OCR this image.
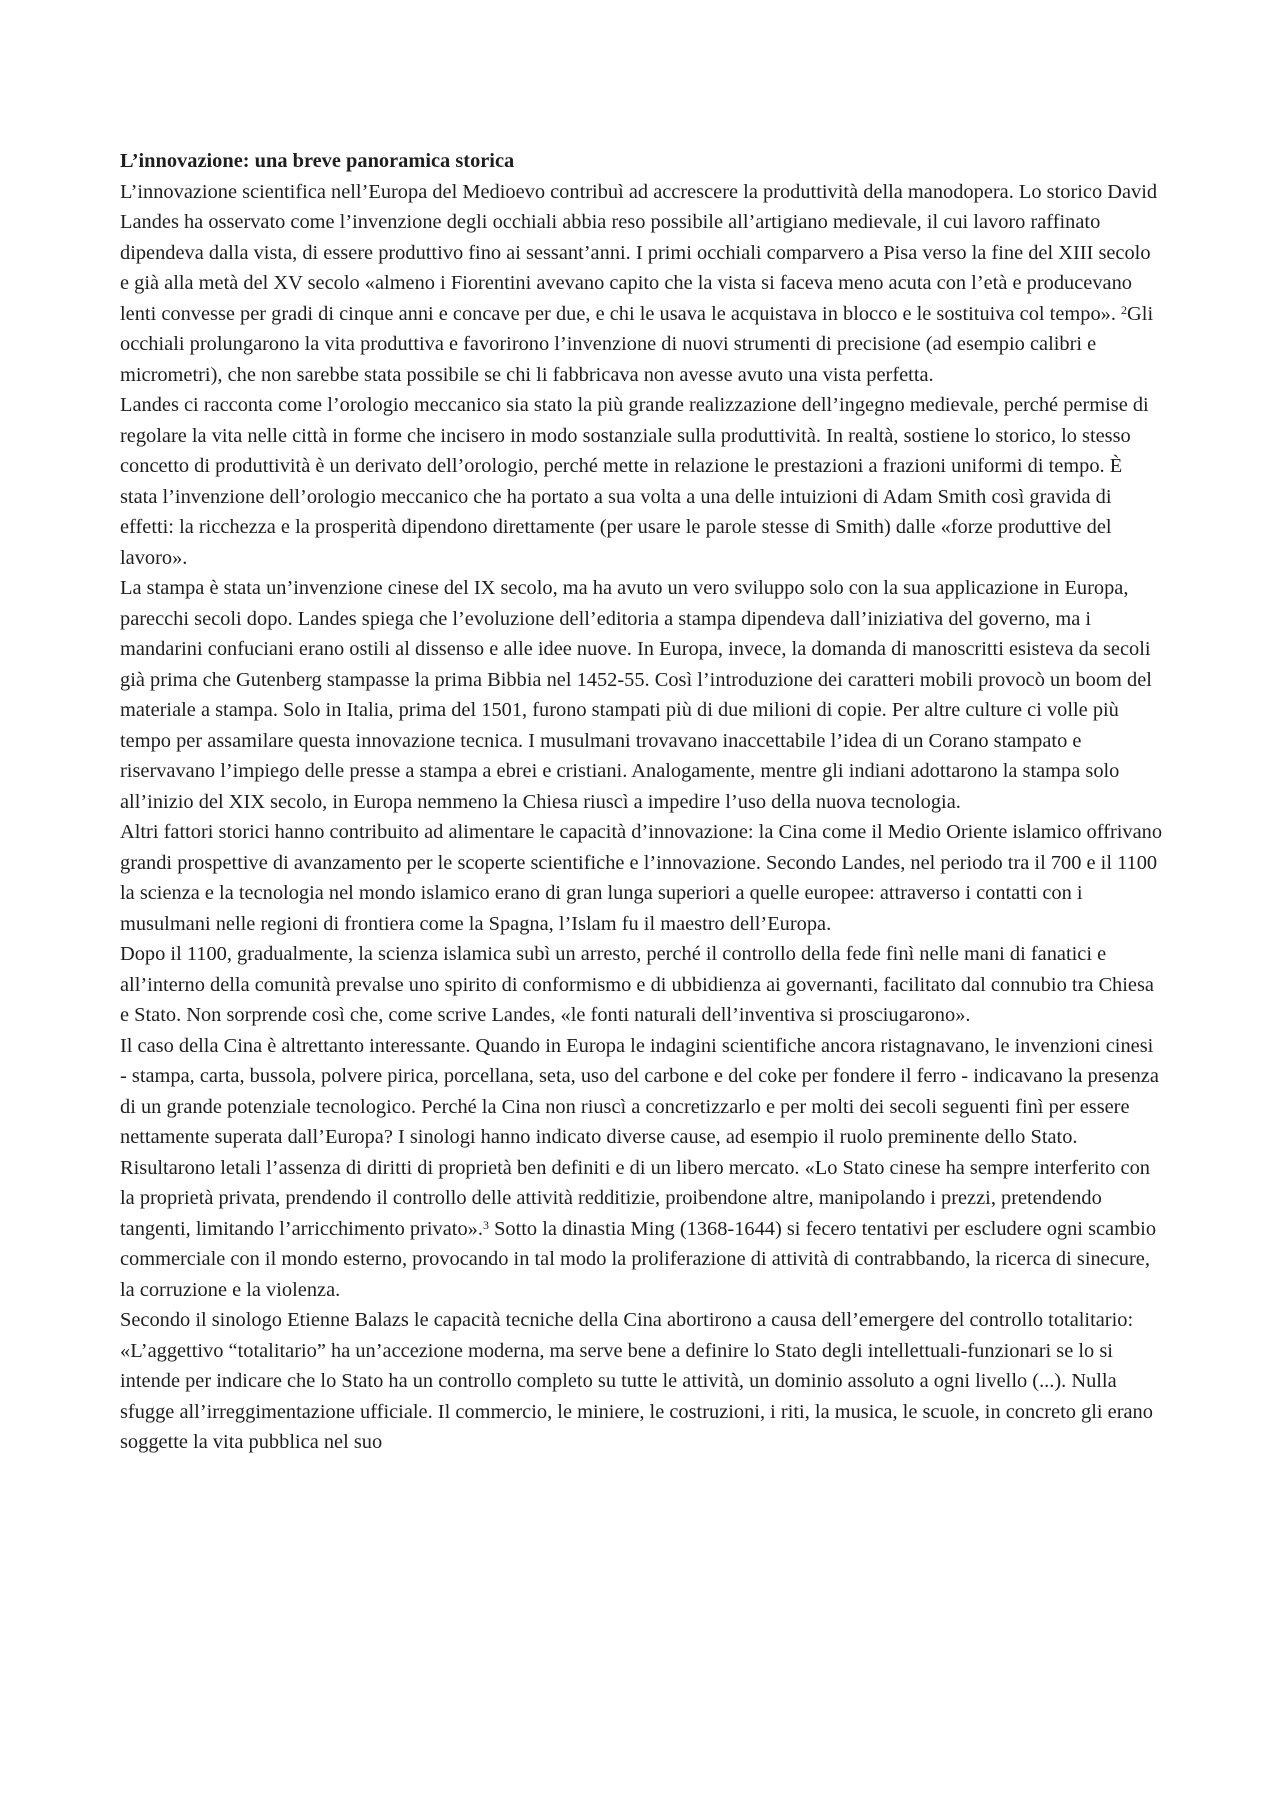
L’innovazione: una breve panoramica storica

L’innovazione scientifica nell’Europa del Medioevo contribuì ad accrescere la produttività della manodopera. Lo storico David Landes ha osservato come l’invenzione degli occhiali abbia reso possibile all’artigiano medievale, il cui lavoro raffinato dipendeva dalla vista, di essere produttivo fino ai sessant’anni. I primi occhiali comparvero a Pisa verso la fine del XIII secolo e già alla metà del XV secolo «almeno i Fiorentini avevano capito che la vista si faceva meno acuta con l’età e producevano lenti convesse per gradi di cinque anni e concave per due, e chi le usava le acquistava in blocco e le sostituiva col tempo». $^2$Gli occhiali prolungarono la vita produttiva e favorirono l’invenzione di nuovi strumenti di precisione (ad esempio calibri e micrometri), che non sarebbe stata possibile se chi li fabbricava non avesse avuto una vista perfetta.

Landes ci racconta come l’orologio meccanico sia stato la più grande realizzazione dell’ingegno medievale, perché permise di regolare la vita nelle città in forme che incisero in modo sostanziale sulla produttività. In realtà, sostiene lo storico, lo stesso concetto di produttività è un derivato dell’orologio, perché mette in relazione le prestazioni a frazioni uniformi di tempo. È stata l’invenzione dell’orologio meccanico che ha portato a sua volta a una delle intuizioni di Adam Smith così gravida di effetti: la ricchezza e la prosperità dipendono direttamente (per usare le parole stesse di Smith) dalle «forze produttive del lavoro».

La stampa è stata un’invenzione cinese del IX secolo, ma ha avuto un vero sviluppo solo con la sua applicazione in Europa, parecchi secoli dopo. Landes spiega che l’evoluzione dell’editoria a stampa dipendeva dall’iniziativa del governo, ma i mandarini confuciani erano ostili al dissenso e alle idee nuove. In Europa, invece, la domanda di manoscritti esisteva da secoli già prima che Gutenberg stampasse la prima Bibbia nel 1452-55. Così l’introduzione dei caratteri mobili provocò un boom del materiale a stampa. Solo in Italia, prima del 1501, furono stampati più di due milioni di copie. Per altre culture ci volle più tempo per assamilare questa innovazione tecnica. I musulmani trovavano inaccettabile l’idea di un Corano stampato e riservavano l’impiego delle presse a stampa a ebrei e cristiani. Analogamente, mentre gli indiani adottarono la stampa solo all’inizio del XIX secolo, in Europa nemmeno la Chiesa riuscì a impedire l’uso della nuova tecnologia.

Altri fattori storici hanno contribuito ad alimentare le capacità d’innovazione: la Cina come il Medio Oriente islamico offrivano grandi prospettive di avanzamento per le scoperte scientifiche e l’innovazione. Secondo Landes, nel periodo tra il 700 e il 1100 la scienza e la tecnologia nel mondo islamico erano di gran lunga superiori a quelle europee: attraverso i contatti con i musulmani nelle regioni di frontiera come la Spagna, l’Islam fu il maestro dell’Europa.

Dopo il 1100, gradualmente, la scienza islamica subì un arresto, perché il controllo della fede finì nelle mani di fanatici e all’interno della comunità prevalse uno spirito di conformismo e di ubbidienza ai governanti, facilitato dal connubio tra Chiesa e Stato. Non sorprende così che, come scrive Landes, «le fonti naturali dell’inventiva si prosciugarono».

Il caso della Cina è altrettanto interessante. Quando in Europa le indagini scientifiche ancora ristagnavano, le invenzioni cinesi - stampa, carta, bussola, polvere pirica, porcellana, seta, uso del carbone e del coke per fondere il ferro - indicavano la presenza di un grande potenziale tecnologico. Perché la Cina non riuscì a concretizzarlo e per molti dei secoli seguenti finì per essere nettamente superata dall’Europa? I sinologi hanno indicato diverse cause, ad esempio il ruolo preminente dello Stato. Risultarono letali l’assenza di diritti di proprietà ben definiti e di un libero mercato. «Lo Stato cinese ha sempre interferito con la proprietà privata, prendendo il controllo delle attività redditizie, proibendone altre, manipolando i prezzi, pretendendo tangenti, limitando l’arricchimento privato».$^3$ Sotto la dinastia Ming (1368-1644) si fecero tentativi per escludere ogni scambio commerciale con il mondo esterno, provocando in tal modo la proliferazione di attività di contrabbando, la ricerca di sinecure, la corruzione e la violenza.

Secondo il sinologo Etienne Balazs le capacità tecniche della Cina abortirono a causa dell’emergere del controllo totalitario: «L’aggettivo “totalitario” ha un’accezione moderna, ma serve bene a definire lo Stato degli intellettuali-funzionari se lo si intende per indicare che lo Stato ha un controllo completo su tutte le attività, un dominio assoluto a ogni livello (...). Nulla sfugge all’irreggimentazione ufficiale. Il commercio, le miniere, le costruzioni, i riti, la musica, le scuole, in concreto gli erano soggette la vita pubblica nel suo
